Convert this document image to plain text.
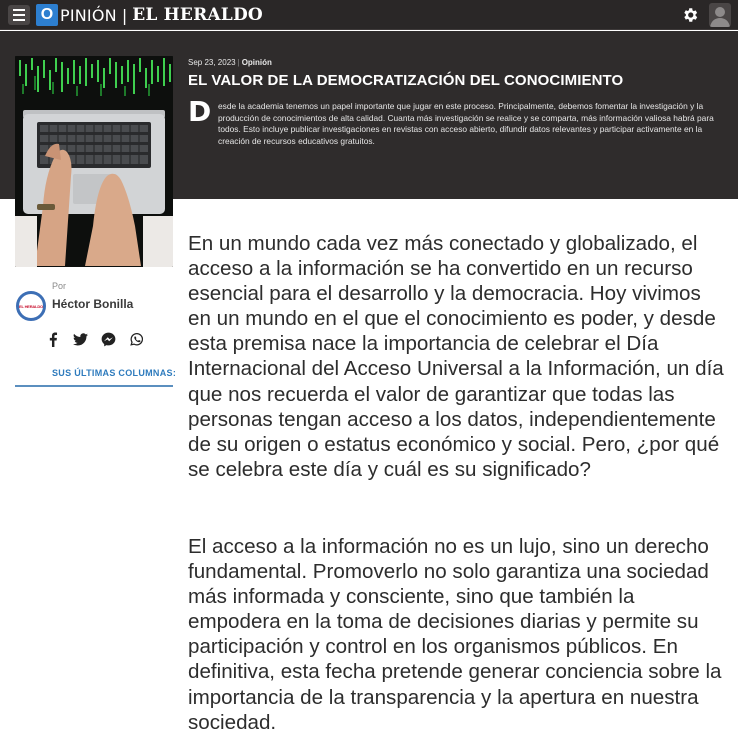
O PINIÓN | EL HERALDO
Sep 23, 2023 | Opinión
EL VALOR DE LA DEMOCRATIZACIÓN DEL CONOCIMIENTO
D esde la academia tenemos un papel importante que jugar en este proceso. Principalmente, debemos fomentar la investigación y la producción de conocimientos de alta calidad. Cuanta más investigación se realice y se comparta, más información valiosa habrá para todos. Esto incluye publicar investigaciones en revistas con acceso abierto, difundir datos relevantes y participar activamente en la creación de recursos educativos gratuitos.
Por
EL HERALDO Héctor Bonilla
SUS ÚLTIMAS COLUMNAS:

En un mundo cada vez más conectado y globalizado, el acceso a la información se ha convertido en un recurso esencial para el desarrollo y la democracia. Hoy vivimos en un mundo en el que el conocimiento es poder, y desde esta premisa nace la importancia de celebrar el Día Internacional del Acceso Universal a la Información, un día que nos recuerda el valor de garantizar que todas las personas tengan acceso a los datos, independientemente de su origen o estatus económico y social. Pero, ¿por qué se celebra este día y cuál es su significado?

El acceso a la información no es un lujo, sino un derecho fundamental. Promoverlo no solo garantiza una sociedad más informada y consciente, sino que también la empodera en la toma de decisiones diarias y permite su participación y control en los organismos públicos. En definitiva, esta fecha pretende generar conciencia sobre la importancia de la transparencia y la apertura en nuestra sociedad.
